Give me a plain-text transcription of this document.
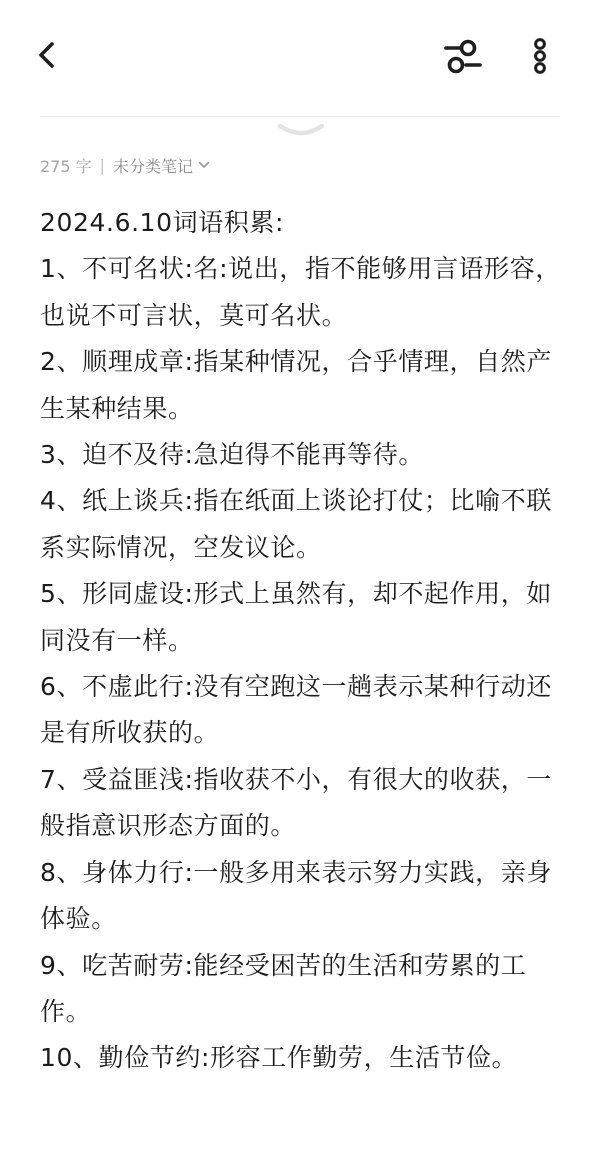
275 字 | 未分类笔记

2024.6.10词语积累:

1、不可名状:名:说出，指不能够用言语形容，也说不可言状，莫可名状。

2、顺理成章:指某种情况，合乎情理，自然产生某种结果。

3、迫不及待:急迫得不能再等待。

4、纸上谈兵:指在纸面上谈论打仗；比喻不联系实际情况，空发议论。

5、形同虚设:形式上虽然有，却不起作用，如同没有一样。

6、不虚此行:没有空跑这一趟表示某种行动还是有所收获的。

7、受益匪浅:指收获不小，有很大的收获，一般指意识形态方面的。

8、身体力行:一般多用来表示努力实践，亲身体验。

9、吃苦耐劳:能经受困苦的生活和劳累的工作。

10、勤俭节约:形容工作勤劳，生活节俭。
